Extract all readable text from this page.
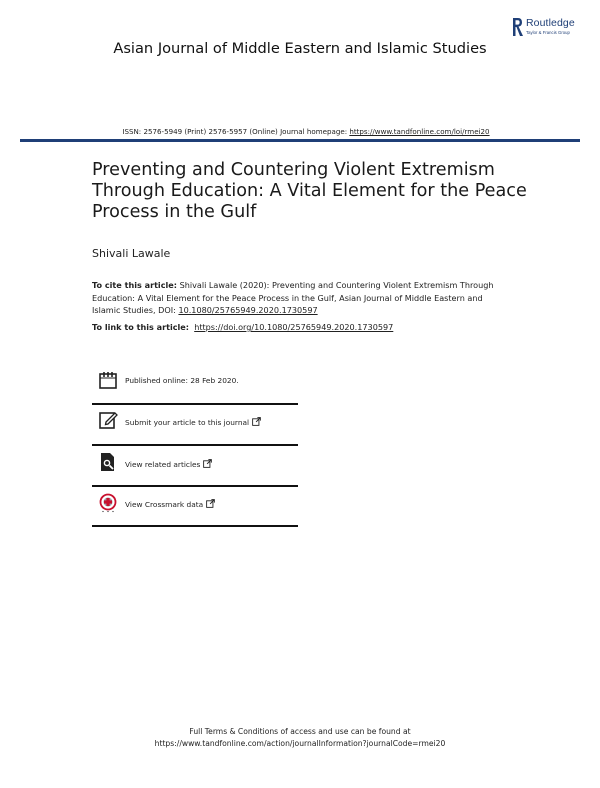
Routledge
Taylor & Francis Group
Asian Journal of Middle Eastern and Islamic Studies
ISSN: 2576-5949 (Print) 2576-5957 (Online) Journal homepage: https://www.tandfonline.com/loi/rmei20
Preventing and Countering Violent Extremism Through Education: A Vital Element for the Peace Process in the Gulf
Shivali Lawale

To cite this article: Shivali Lawale (2020): Preventing and Countering Violent Extremism Through Education: A Vital Element for the Peace Process in the Gulf, Asian Journal of Middle Eastern and Islamic Studies, DOI: 10.1080/25765949.2020.1730597

To link to this article: https://doi.org/10.1080/25765949.2020.1730597

Published online: 28 Feb 2020.
Submit your article to this journal
View related articles
View Crossmark data
Full Terms & Conditions of access and use can be found at
https://www.tandfonline.com/action/journalInformation?journalCode=rmei20
